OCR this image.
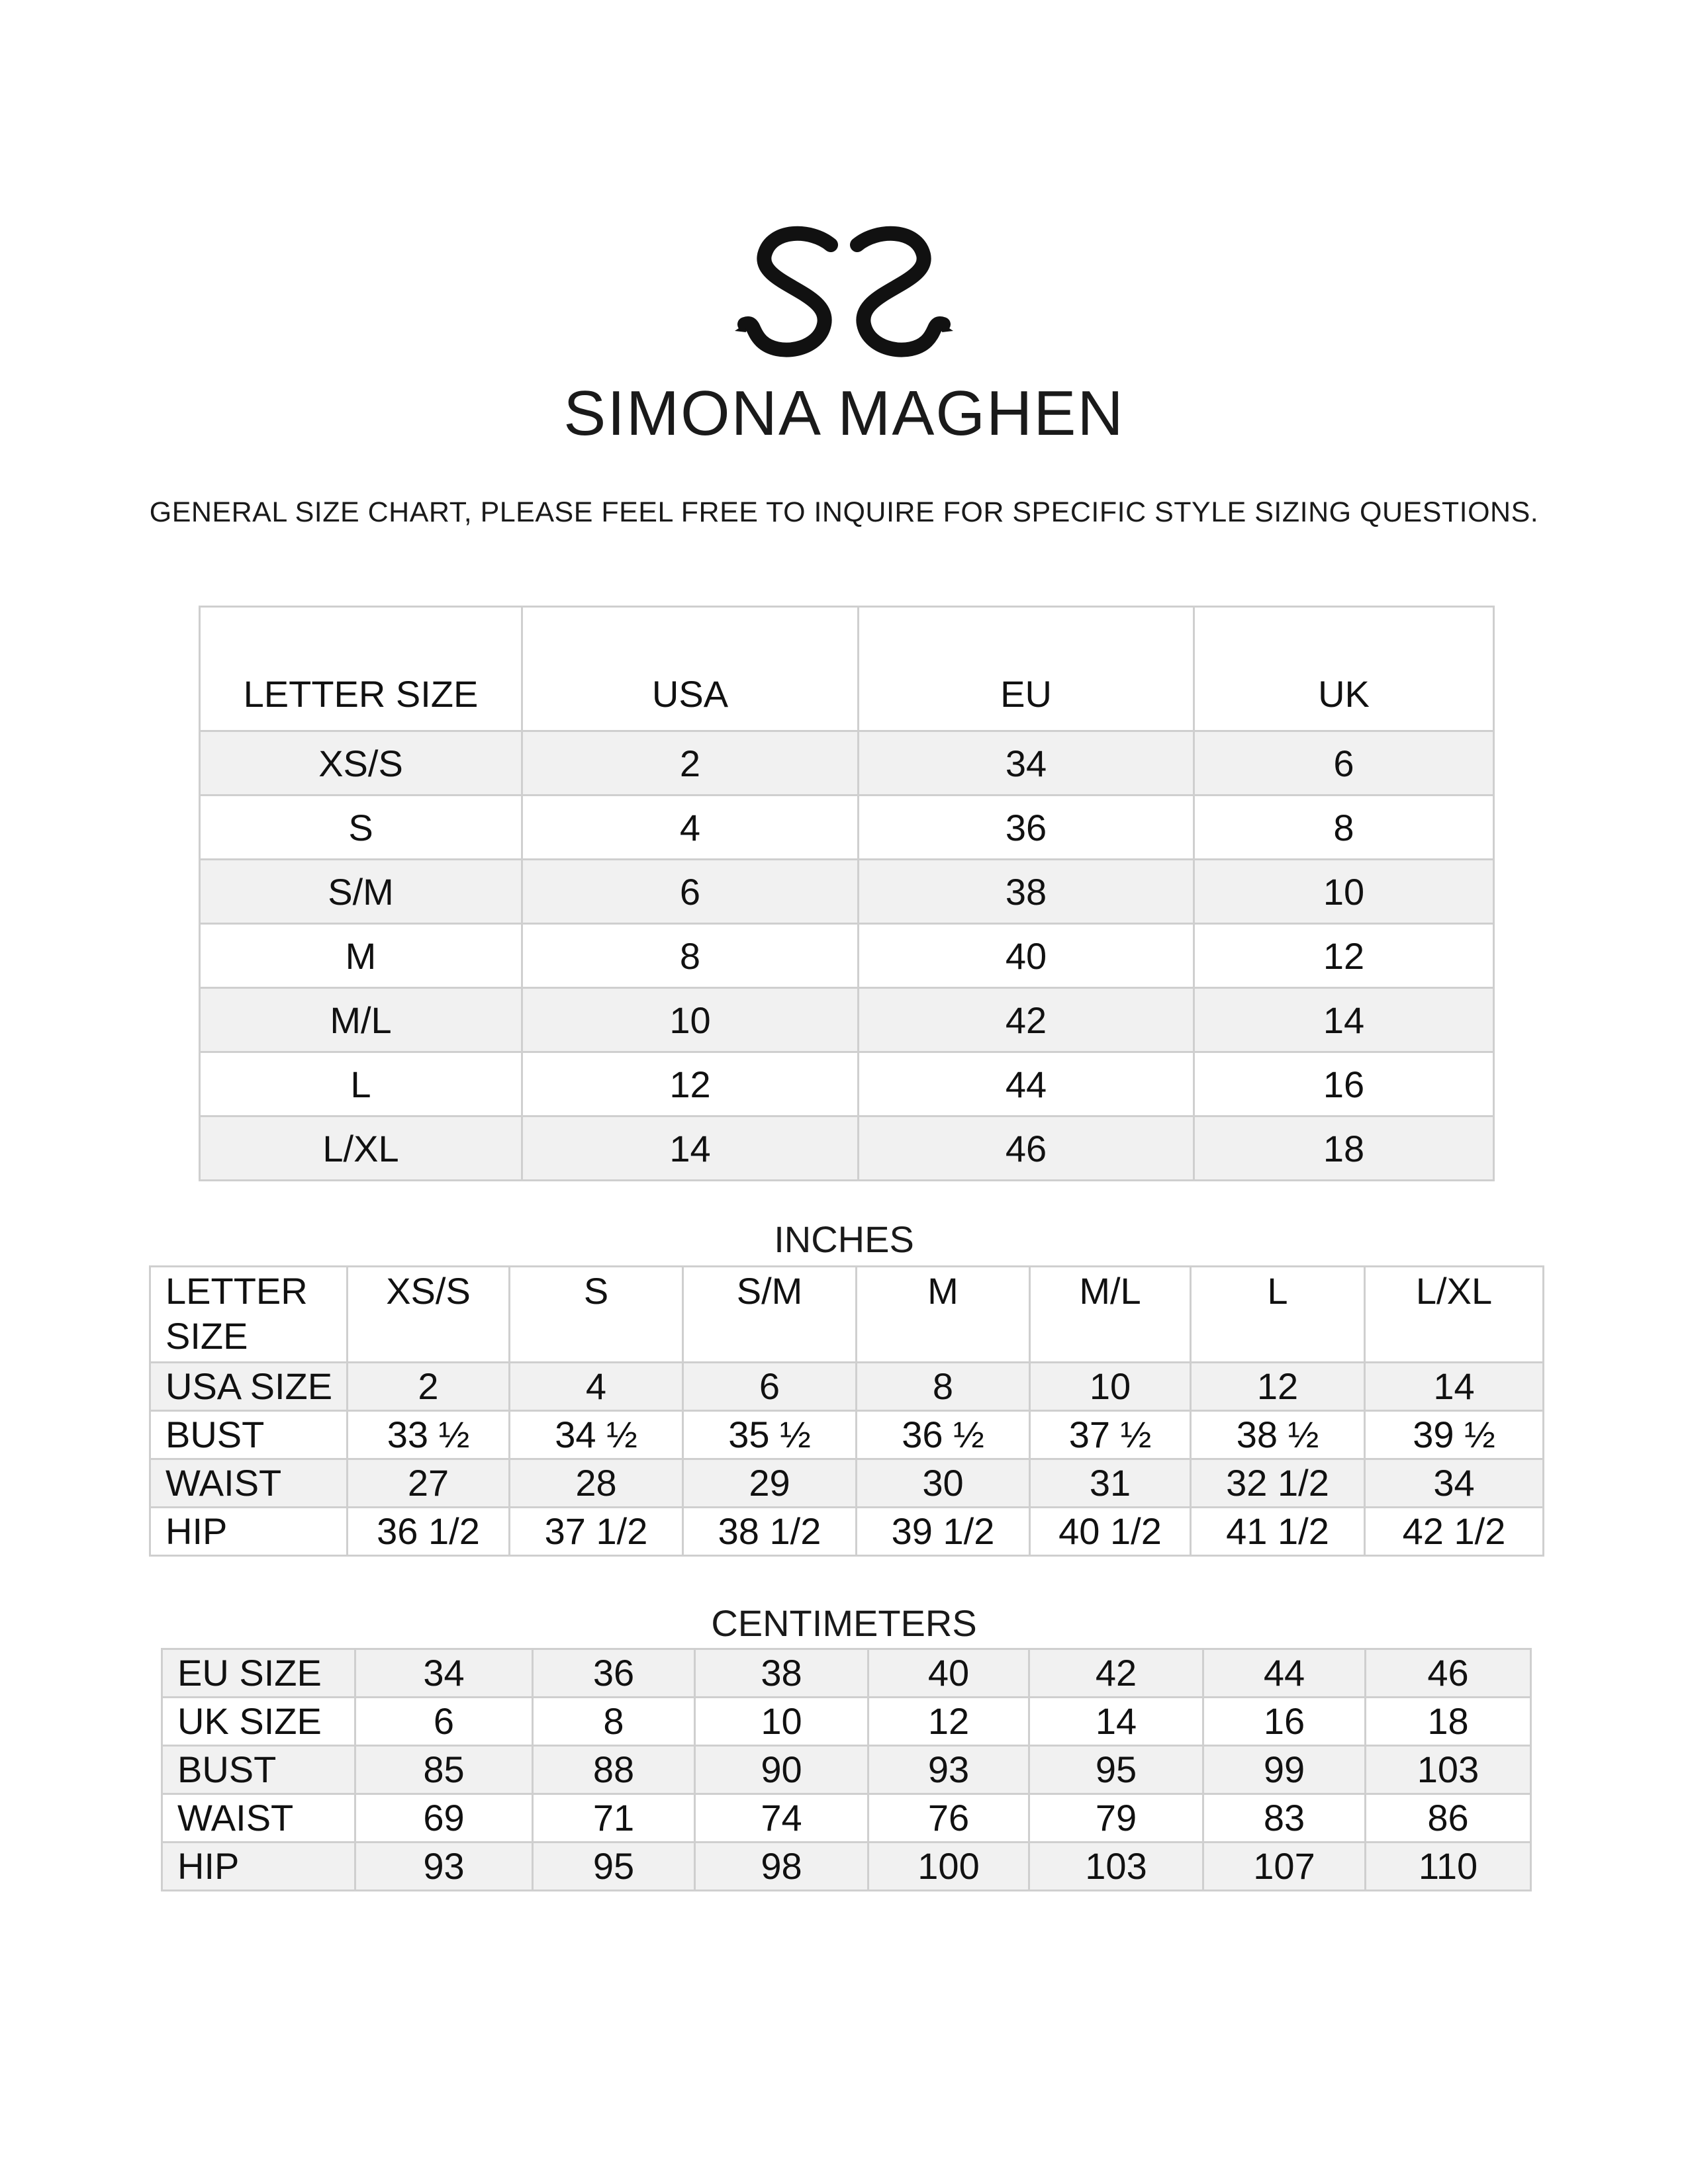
SIMONA MAGHEN
GENERAL SIZE CHART, PLEASE FEEL FREE TO INQUIRE FOR SPECIFIC STYLE SIZING QUESTIONS.
LETTER SIZE	USA	EU	UK
XS/S	2	34	6
S	4	36	8
S/M	6	38	10
M	8	40	12
M/L	10	42	14
L	12	44	16
L/XL	14	46	18
INCHES
LETTER SIZE	XS/S	S	S/M	M	M/L	L	L/XL
USA SIZE	2	4	6	8	10	12	14
BUST	33 ½	34 ½	35 ½	36 ½	37 ½	38 ½	39 ½
WAIST	27	28	29	30	31	32 1/2	34
HIP	36 1/2	37 1/2	38 1/2	39 1/2	40 1/2	41 1/2	42 1/2
CENTIMETERS
EU SIZE	34	36	38	40	42	44	46
UK SIZE	6	8	10	12	14	16	18
BUST	85	88	90	93	95	99	103
WAIST	69	71	74	76	79	83	86
HIP	93	95	98	100	103	107	110
